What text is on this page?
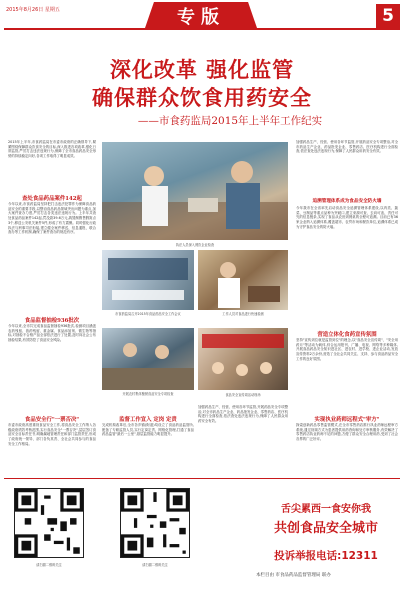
2015年8月26日 星期五	专版	5
深化改革 强化监管
确保群众饮食用药安全
——市食药监局2015年上半年工作纪实
2015年上半年,市食药监局在市委市政府的正确领导下,紧紧围绕保障群众饮食安全的目标,深入推进各项改革,强化日常监管,严厉打击违法违规行为,保障了全市食品药品安全形势的持续稳定向好,各项工作取得了明显成效。
查处食品药品案件142起
今年以来,市食药监局坚持把打击违法犯罪作为保障食品药品安全的重要手段,以整治食品药品领域突出问题为重点,加大案件查办力度,严厉打击各类违法违规行为。上半年共查处食品药品案件142起,罚没款39.6万元,捣毁制假售假窝点3个,移送公安机关案件5件,形成了有力震慑。同时强化行政执法与刑事司法衔接,建立健全案件移送、信息通报、联合查办等工作机制,确保了案件查办的规范有序。
食品监督抽检936批次
今年以来,全市共完成食品监督抽检936批次,检测项目涵盖农药残留、兽药残留、重金属、食品添加剂、微生物等指标,对抽检不合格产品全部依法进行了处置,及时向社会公布抽检结果,有效防控了食品安全风险。
食品安全行"一票否决"
市委市政府高度重视食品安全工作,将食品安全工作纳入各级政府绩效考核范围,实行食品安全"一票否决",层层签订食品安全目标责任书,明确属地管理责任和部门监管责任,形成了政府统一领导、部门各负其责、全社会共同参与的食品安全工作格局。
执法人员深入餐饮企业检查
市食药监局召开2015年食品药品安全工作会议	工作人员对食品进行快速检测
开展农村集体聚餐食品安全专项检查	食品安全宣传周活动现场
监督工作宣入 定岗 定责
完成机构改革后,全市各乡镇(街道)均设立了食品药品监管所,配备了专职监管人员,实行定岗定责、网格化管理,打通了食品药品监管"最后一公里",基层监管能力明显提升。
加强药品生产、经营、使用各环节监管,开展药品安全专项整治,对全市药品生产企业、药品批发企业、零售药店、医疗机构进行全面检查,依法查处违法违规行为,保障了人民群众用药安全有效。
加强药品生产、经营、使用各环节监管,开展药品安全专项整治,对全市药品生产企业、药品批发企业、零售药店、医疗机构进行全面检查,依法查处违法违规行为,保障了人民群众用药安全有效。
追溯管理体系成为食品安全防火墙
今年我市在全省率先启动食品安全追溯管理体系建设,以肉类、蔬菜、豆制品等重点品种为突破口,建立来源可查、去向可追、责任可究的信息链条,实现了食品从农田到餐桌的全程可追溯。目前已有36家企业纳入追溯体系,覆盖超市、农贸市场和餐饮单位,追溯体系已成为守护食品安全的防火墙。
营造立体化食药宣传氛围
坚持"宣传到位就是监管到位"的理念,以"食品安全宣传周"、"安全用药月"等活动为载体,综合运用报刊、广播、电视、网络等多种媒体,开展食品药品安全知识进社区、进农村、进学校、进企业活动,发放宣传资料2万余份,营造了全社会共同关注、支持、参与食品药品安全工作的良好氛围。
实现执业药师远程式"审方"
探索创新药品零售监管模式,在全市零售药店推行执业药师远程审方系统,通过视频方式为患者提供用药咨询和处方审核服务,有效解决了零售药店执业药师不足的问题,方便了群众安全合理用药,受到了社会各界的广泛好评。
请扫描二维码关注	请扫描二维码关注
舌尖累西一食安你我
共创食品安全城市
投诉举报电话:12311
本栏目由 市食品药品监督管理局 联办
